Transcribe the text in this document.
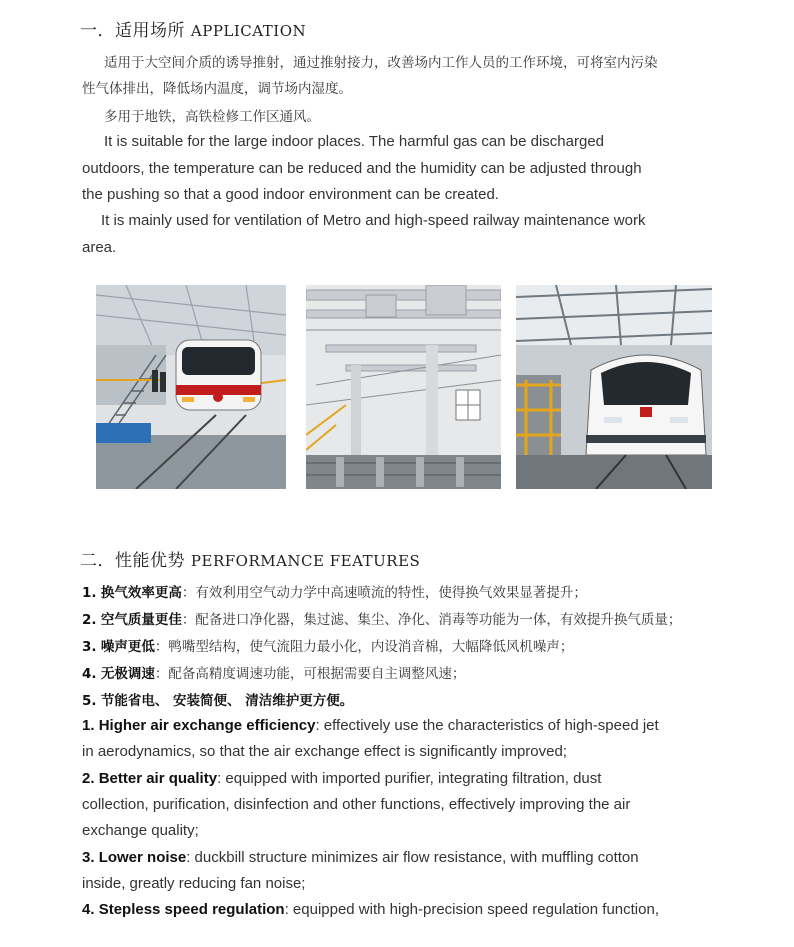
一．适用场所 APPLICATION
适用于大空间介质的诱导推射，通过推射接力，改善场内工作人员的工作环境，可将室内污染
性气体排出，降低场内温度，调节场内湿度。
多用于地铁，高铁检修工作区通风。
It is suitable for the large indoor places. The harmful gas can be discharged
outdoors, the temperature can be reduced and the humidity can be adjusted through
the pushing so that a good indoor environment can be created.
It is mainly used for ventilation of Metro and high-speed railway maintenance work
area.
二．性能优势 PERFORMANCE FEATURES
1. 换气效率更高：有效利用空气动力学中高速喷流的特性，使得换气效果显著提升；
2. 空气质量更佳：配备进口净化器，集过滤、集尘、净化、消毒等功能为一体，有效提升换气质量；
3. 噪声更低：鸭嘴型结构，使气流阻力最小化，内设消音棉，大幅降低风机噪声；
4. 无极调速：配备高精度调速功能，可根据需要自主调整风速；
5. 节能省电、 安装简便、 清洁维护更方便。
1. Higher air exchange efficiency: effectively use the characteristics of high-speed jet
in aerodynamics, so that the air exchange effect is significantly improved;
2. Better air quality: equipped with imported purifier, integrating filtration, dust
collection, purification, disinfection and other functions, effectively improving the air
exchange quality;
3. Lower noise: duckbill structure minimizes air flow resistance, with muffling cotton
inside, greatly reducing fan noise;
4. Stepless speed regulation: equipped with high-precision speed regulation function,
